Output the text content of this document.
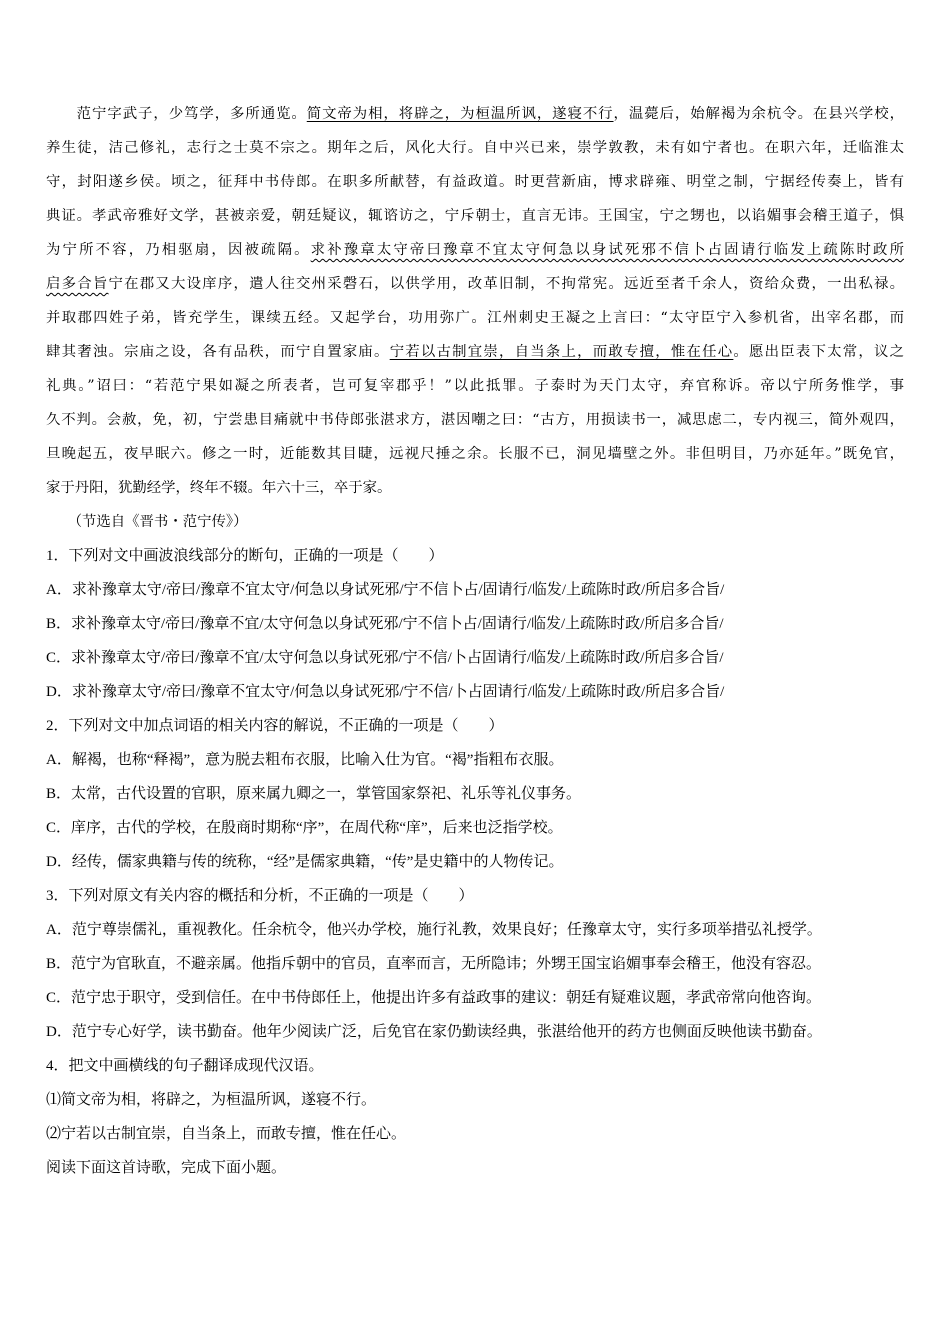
　　范宁字武子，少笃学，多所通览。简文帝为相，将辟之，为桓温所讽，遂寝不行，温薨后，始解褐为余杭令。在县兴学校，
养生徒，洁己修礼，志行之士莫不宗之。期年之后，风化大行。自中兴已来，崇学敦教，未有如宁者也。在职六年，迁临淮太
守，封阳遂乡侯。顷之，征拜中书侍郎。在职多所献替，有益政道。时更营新庙，博求辟雍、明堂之制，宁据经传奏上，皆有
典证。孝武帝雅好文学，甚被亲爱，朝廷疑议，辄谘访之，宁斥朝士，直言无讳。王国宝，宁之甥也，以谄媚事会稽王道子，惧
为宁所不容，乃相驱扇，因被疏隔。求补豫章太守帝曰豫章不宜太守何急以身试死邪不信卜占固请行临发上疏陈时政所
启多合旨宁在郡又大设庠序，遣人往交州采磬石，以供学用，改革旧制，不拘常宪。远近至者千余人，资给众费，一出私禄。
并取郡四姓子弟，皆充学生，课续五经。又起学台，功用弥广。江州刺史王凝之上言曰：“太守臣宁入参机省，出宰名郡，而
肆其奢浊。宗庙之设，各有品秩，而宁自置家庙。宁若以古制宜崇，自当条上，而敢专擅，惟在任心。愿出臣表下太常，议之
礼典。”诏曰：“若范宁果如凝之所表者，岂可复宰郡乎！”以此抵罪。子泰时为天门太守，弃官称诉。帝以宁所务惟学，事
久不判。会赦，免，初，宁尝患目痛就中书侍郎张湛求方，湛因嘲之曰：“古方，用损读书一，减思虑二，专内视三，简外观四，
旦晚起五，夜早眠六。修之一时，近能数其目睫，远视尺捶之余。长服不已，洞见墙壁之外。非但明目，乃亦延年。”既免官，
家于丹阳，犹勤经学，终年不辍。年六十三，卒于家。
　　（节选自《晋书・范宁传》）
1．下列对文中画波浪线部分的断句，正确的一项是（　　）
A．求补豫章太守/帝曰/豫章不宜太守/何急以身试死邪/宁不信卜占/固请行/临发/上疏陈时政/所启多合旨/
B．求补豫章太守/帝曰/豫章不宜/太守何急以身试死邪/宁不信卜占/固请行/临发/上疏陈时政/所启多合旨/
C．求补豫章太守/帝曰/豫章不宜/太守何急以身试死邪/宁不信/卜占固请行/临发/上疏陈时政/所启多合旨/
D．求补豫章太守/帝曰/豫章不宜太守/何急以身试死邪/宁不信/卜占固请行/临发/上疏陈时政/所启多合旨/
2．下列对文中加点词语的相关内容的解说，不正确的一项是（　　）
A．解褐，也称“释褐”，意为脱去粗布衣服，比喻入仕为官。“褐”指粗布衣服。
B．太常，古代设置的官职，原来属九卿之一，掌管国家祭祀、礼乐等礼仪事务。
C．庠序，古代的学校，在殷商时期称“序”，在周代称“庠”，后来也泛指学校。
D．经传，儒家典籍与传的统称，“经”是儒家典籍，“传”是史籍中的人物传记。
3．下列对原文有关内容的概括和分析，不正确的一项是（　　）
A．范宁尊崇儒礼，重视教化。任余杭令，他兴办学校，施行礼教，效果良好；任豫章太守，实行多项举措弘礼授学。
B．范宁为官耿直，不避亲属。他指斥朝中的官员，直率而言，无所隐讳；外甥王国宝谄媚事奉会稽王，他没有容忍。
C．范宁忠于职守，受到信任。在中书侍郎任上，他提出许多有益政事的建议：朝廷有疑难议题，孝武帝常向他咨询。
D．范宁专心好学，读书勤奋。他年少阅读广泛，后免官在家仍勤读经典，张湛给他开的药方也侧面反映他读书勤奋。
4．把文中画横线的句子翻译成现代汉语。
⑴简文帝为相，将辟之，为桓温所讽，遂寝不行。
⑵宁若以古制宜崇，自当条上，而敢专擅，惟在任心。
阅读下面这首诗歌，完成下面小题。
